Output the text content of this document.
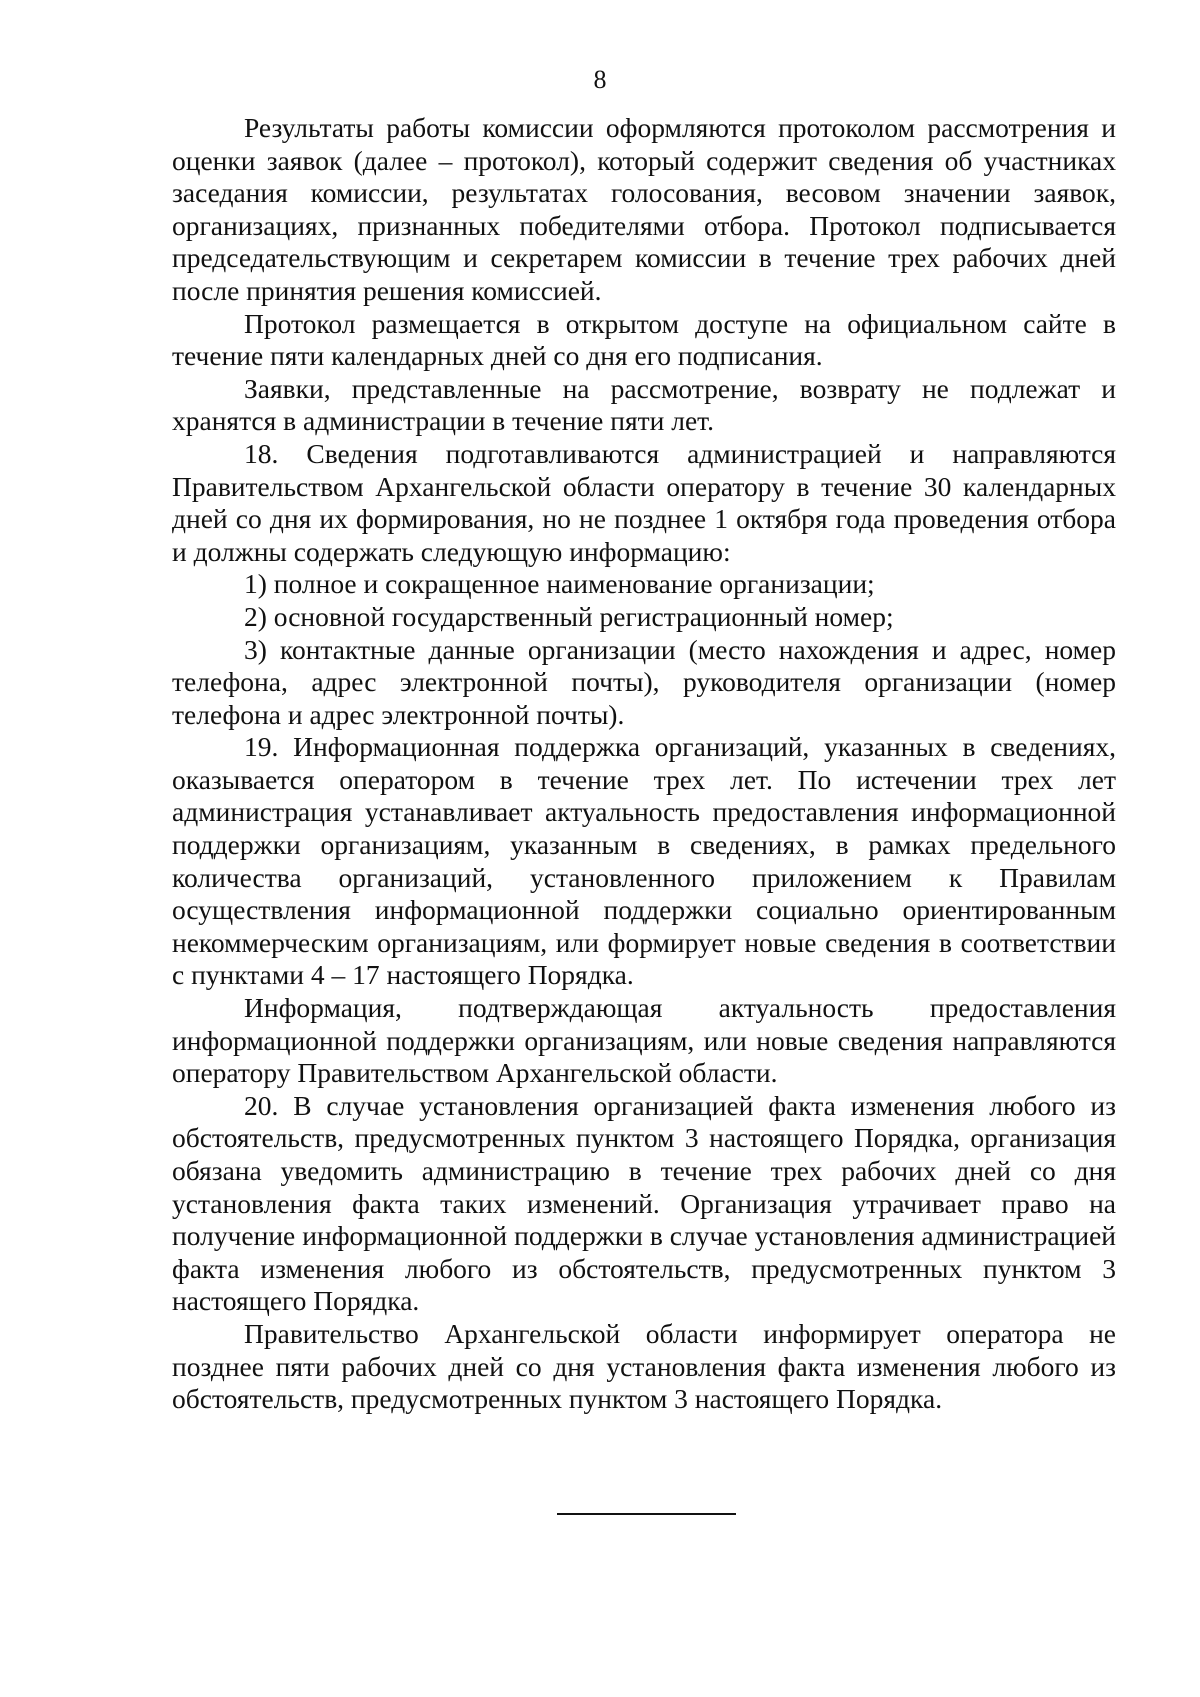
8

Результаты работы комиссии оформляются протоколом рассмотрения и оценки заявок (далее – протокол), который содержит сведения об участниках заседания комиссии, результатах голосования, весовом значении заявок, организациях, признанных победителями отбора. Протокол подписывается председательствующим и секретарем комиссии в течение трех рабочих дней после принятия решения комиссией.

Протокол размещается в открытом доступе на официальном сайте в течение пяти календарных дней со дня его подписания.

Заявки, представленные на рассмотрение, возврату не подлежат и хранятся в администрации в течение пяти лет.

18. Сведения подготавливаются администрацией и направляются Правительством Архангельской области оператору в течение 30 календарных дней со дня их формирования, но не позднее 1 октября года проведения отбора и должны содержать следующую информацию:

1) полное и сокращенное наименование организации;

2) основной государственный регистрационный номер;

3) контактные данные организации (место нахождения и адрес, номер телефона, адрес электронной почты), руководителя организации (номер телефона и адрес электронной почты).

19. Информационная поддержка организаций, указанных в сведениях, оказывается оператором в течение трех лет. По истечении трех лет администрация устанавливает актуальность предоставления информационной поддержки организациям, указанным в сведениях, в рамках предельного количества организаций, установленного приложением к Правилам осуществления информационной поддержки социально ориентированным некоммерческим организациям, или формирует новые сведения в соответствии с пунктами 4 – 17 настоящего Порядка.

Информация, подтверждающая актуальность предоставления информационной поддержки организациям, или новые сведения направляются оператору Правительством Архангельской области.

20. В случае установления организацией факта изменения любого из обстоятельств, предусмотренных пунктом 3 настоящего Порядка, организация обязана уведомить администрацию в течение трех рабочих дней со дня установления факта таких изменений. Организация утрачивает право на получение информационной поддержки в случае установления администрацией факта изменения любого из обстоятельств, предусмотренных пунктом 3 настоящего Порядка.

Правительство Архангельской области информирует оператора не позднее пяти рабочих дней со дня установления факта изменения любого из обстоятельств, предусмотренных пунктом 3 настоящего Порядка.
